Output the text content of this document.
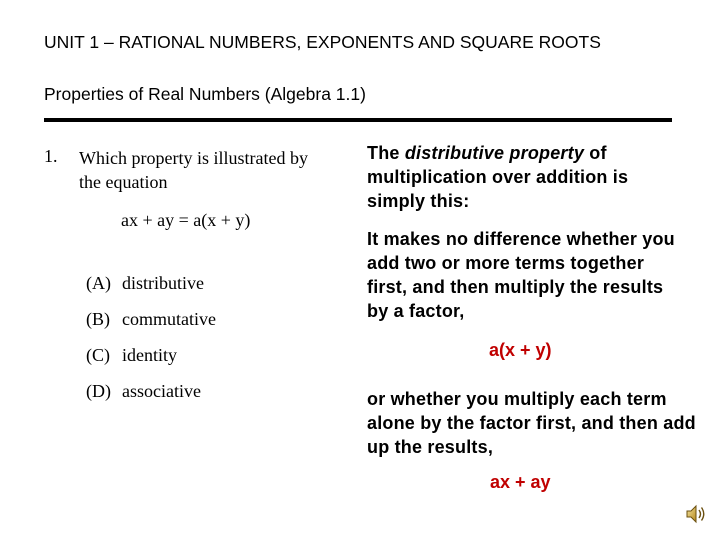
UNIT 1 – RATIONAL NUMBERS, EXPONENTS AND SQUARE ROOTS
Properties of Real Numbers (Algebra 1.1)
1. Which property is illustrated by the equation
ax + ay = a(x + y)
(A) distributive
(B) commutative
(C) identity
(D) associative
The distributive property of multiplication over addition is simply this:
It makes no difference whether you add two or more terms together first, and then multiply the results by a factor,
a(x + y)
or whether you multiply each term alone by the factor first, and then add up the results,
ax + ay
